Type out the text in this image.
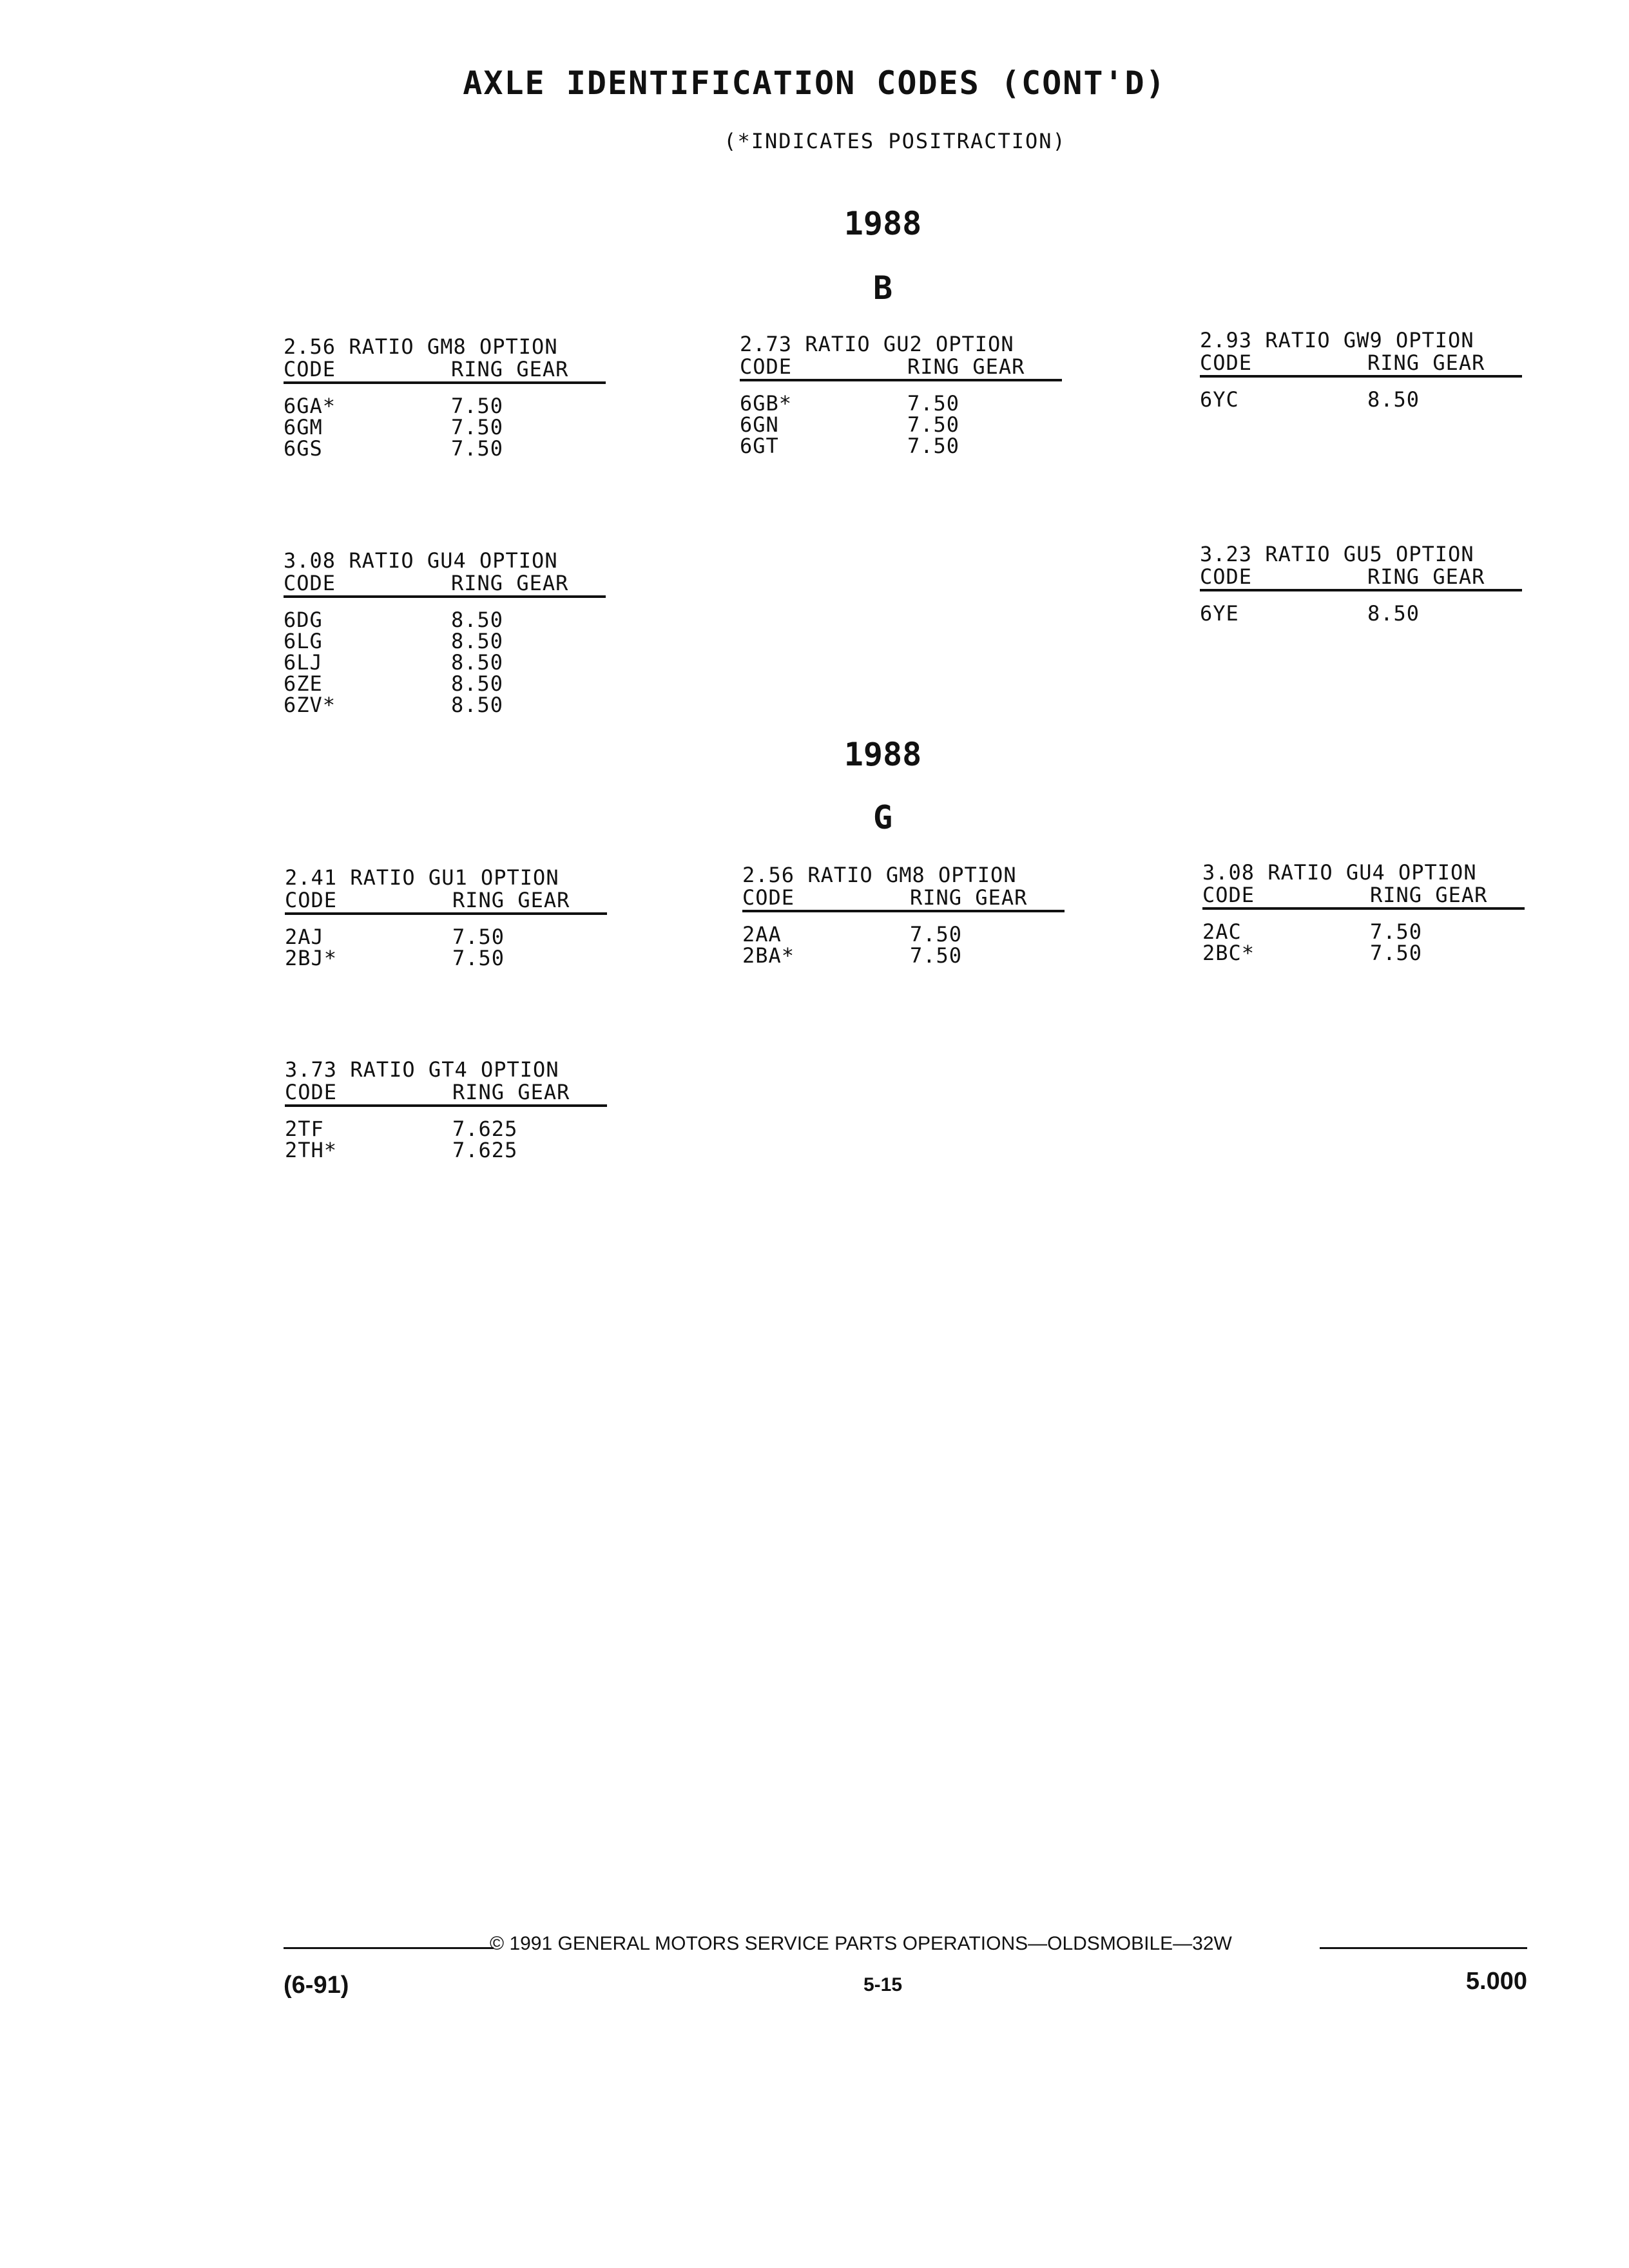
AXLE IDENTIFICATION CODES (CONT'D)
(*INDICATES POSITRACTION)
1988
B
2.56 RATIO GM8 OPTION
CODE	RING GEAR
6GA*	7.50
6GM	7.50
6GS	7.50
2.73 RATIO GU2 OPTION
CODE	RING GEAR
6GB*	7.50
6GN	7.50
6GT	7.50
2.93 RATIO GW9 OPTION
CODE	RING GEAR
6YC	8.50
3.08 RATIO GU4 OPTION
CODE	RING GEAR
6DG	8.50
6LG	8.50
6LJ	8.50
6ZE	8.50
6ZV*	8.50
3.23 RATIO GU5 OPTION
CODE	RING GEAR
6YE	8.50
1988
G
2.41 RATIO GU1 OPTION
CODE	RING GEAR
2AJ	7.50
2BJ*	7.50
2.56 RATIO GM8 OPTION
CODE	RING GEAR
2AA	7.50
2BA*	7.50
3.08 RATIO GU4 OPTION
CODE	RING GEAR
2AC	7.50
2BC*	7.50
3.73 RATIO GT4 OPTION
CODE	RING GEAR
2TF	7.625
2TH*	7.625
© 1991 GENERAL MOTORS SERVICE PARTS OPERATIONS—OLDSMOBILE—32W
(6-91)	5-15	5.000
